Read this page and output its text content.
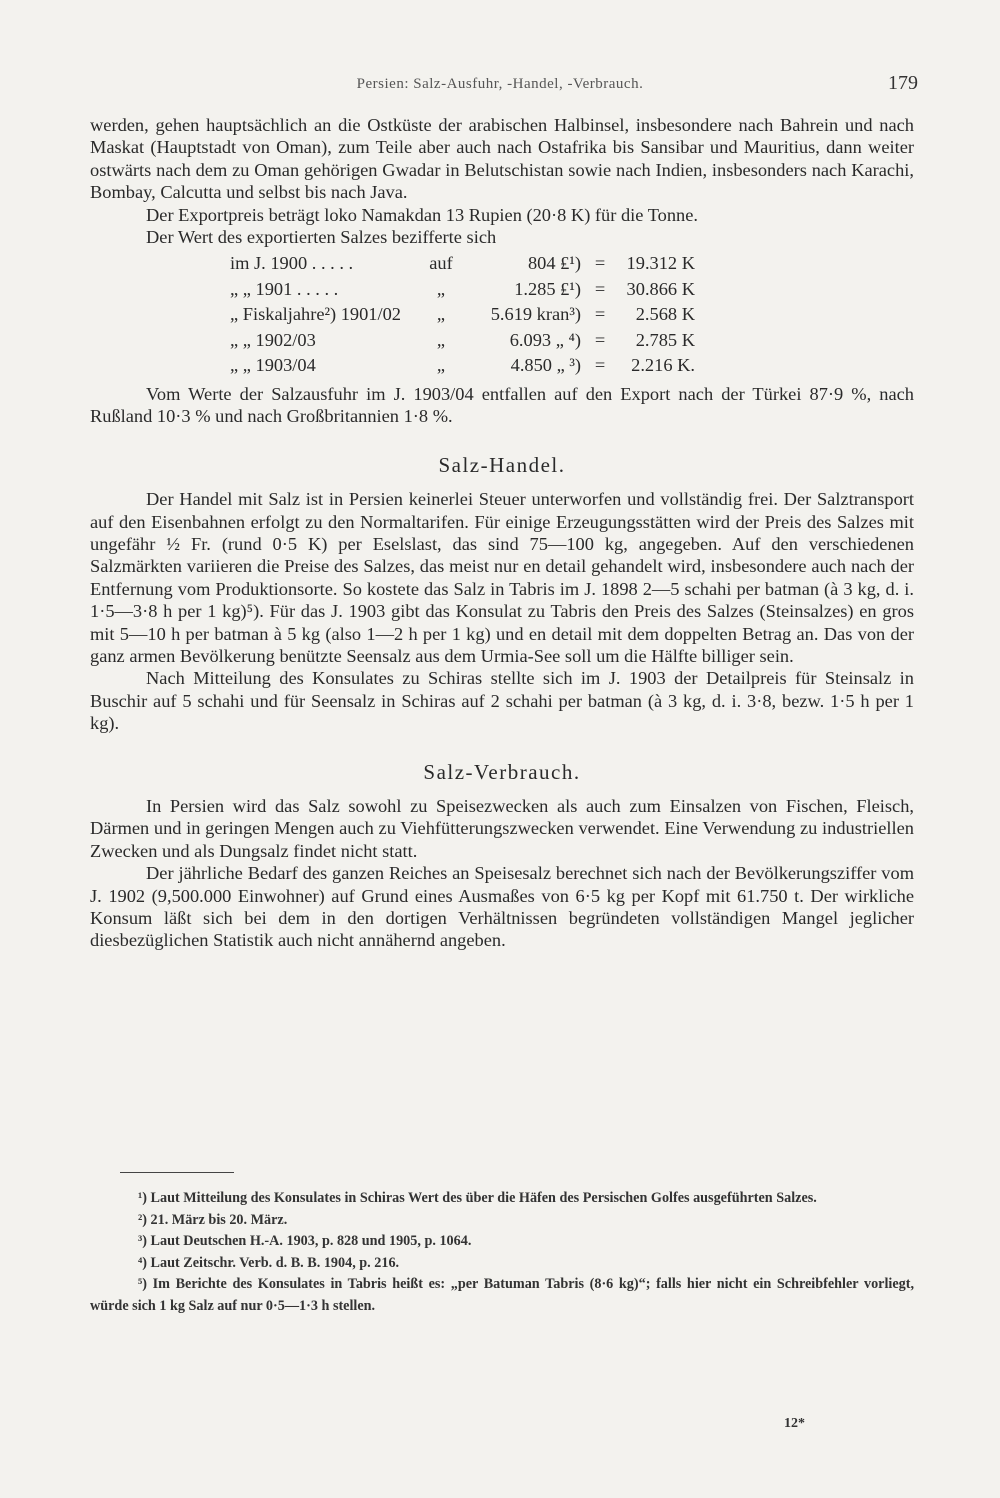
Persien: Salz-Ausfuhr, -Handel, -Verbrauch.	179

werden, gehen hauptsächlich an die Ostküste der arabischen Halbinsel, insbesondere nach Bahrein und nach Maskat (Hauptstadt von Oman), zum Teile aber auch nach Ostafrika bis Sansibar und Mauritius, dann weiter ostwärts nach dem zu Oman gehörigen Gwadar in Belutschistan sowie nach Indien, insbesonders nach Karachi, Bombay, Calcutta und selbst bis nach Java.

Der Exportpreis beträgt loko Namakdan 13 Rupien (20·8 K) für die Tonne.

Der Wert des exportierten Salzes bezifferte sich

im J. 1900 . . . . .	auf	804 ₤¹)	=	19.312 K
„ „ 1901 . . . . .	„	1.285 ₤¹)	=	30.866 K
„ Fiskaljahre²) 1901/02	„	5.619 kran³)	=	2.568 K
„ „ 1902/03	„	6.093 „ ⁴)	=	2.785 K
„ „ 1903/04	„	4.850 „ ³)	=	2.216 K.

Vom Werte der Salzausfuhr im J. 1903/04 entfallen auf den Export nach der Türkei 87·9 %, nach Rußland 10·3 % und nach Großbritannien 1·8 %.

Salz-Handel.

Der Handel mit Salz ist in Persien keinerlei Steuer unterworfen und vollständig frei. Der Salztransport auf den Eisenbahnen erfolgt zu den Normaltarifen. Für einige Erzeugungsstätten wird der Preis des Salzes mit ungefähr ½ Fr. (rund 0·5 K) per Eselslast, das sind 75—100 kg, angegeben. Auf den verschiedenen Salzmärkten variieren die Preise des Salzes, das meist nur en detail gehandelt wird, insbesondere auch nach der Entfernung vom Produktionsorte. So kostete das Salz in Tabris im J. 1898 2—5 schahi per batman (à 3 kg, d. i. 1·5—3·8 h per 1 kg)⁵). Für das J. 1903 gibt das Konsulat zu Tabris den Preis des Salzes (Steinsalzes) en gros mit 5—10 h per batman à 5 kg (also 1—2 h per 1 kg) und en detail mit dem doppelten Betrag an. Das von der ganz armen Bevölkerung benützte Seensalz aus dem Urmia-See soll um die Hälfte billiger sein.

Nach Mitteilung des Konsulates zu Schiras stellte sich im J. 1903 der Detailpreis für Steinsalz in Buschir auf 5 schahi und für Seensalz in Schiras auf 2 schahi per batman (à 3 kg, d. i. 3·8, bezw. 1·5 h per 1 kg).

Salz-Verbrauch.

In Persien wird das Salz sowohl zu Speisezwecken als auch zum Einsalzen von Fischen, Fleisch, Därmen und in geringen Mengen auch zu Viehfütterungszwecken verwendet. Eine Verwendung zu industriellen Zwecken und als Dungsalz findet nicht statt.

Der jährliche Bedarf des ganzen Reiches an Speisesalz berechnet sich nach der Bevölkerungsziffer vom J. 1902 (9,500.000 Einwohner) auf Grund eines Ausmaßes von 6·5 kg per Kopf mit 61.750 t. Der wirkliche Konsum läßt sich bei dem in den dortigen Verhältnissen begründeten vollständigen Mangel jeglicher diesbezüglichen Statistik auch nicht annähernd angeben.

¹) Laut Mitteilung des Konsulates in Schiras Wert des über die Häfen des Persischen Golfes ausgeführten Salzes.

²) 21. März bis 20. März.

³) Laut Deutschen H.-A. 1903, p. 828 und 1905, p. 1064.

⁴) Laut Zeitschr. Verb. d. B. B. 1904, p. 216.

⁵) Im Berichte des Konsulates in Tabris heißt es: „per Batuman Tabris (8·6 kg)“; falls hier nicht ein Schreibfehler vorliegt, würde sich 1 kg Salz auf nur 0·5—1·3 h stellen.

12*
